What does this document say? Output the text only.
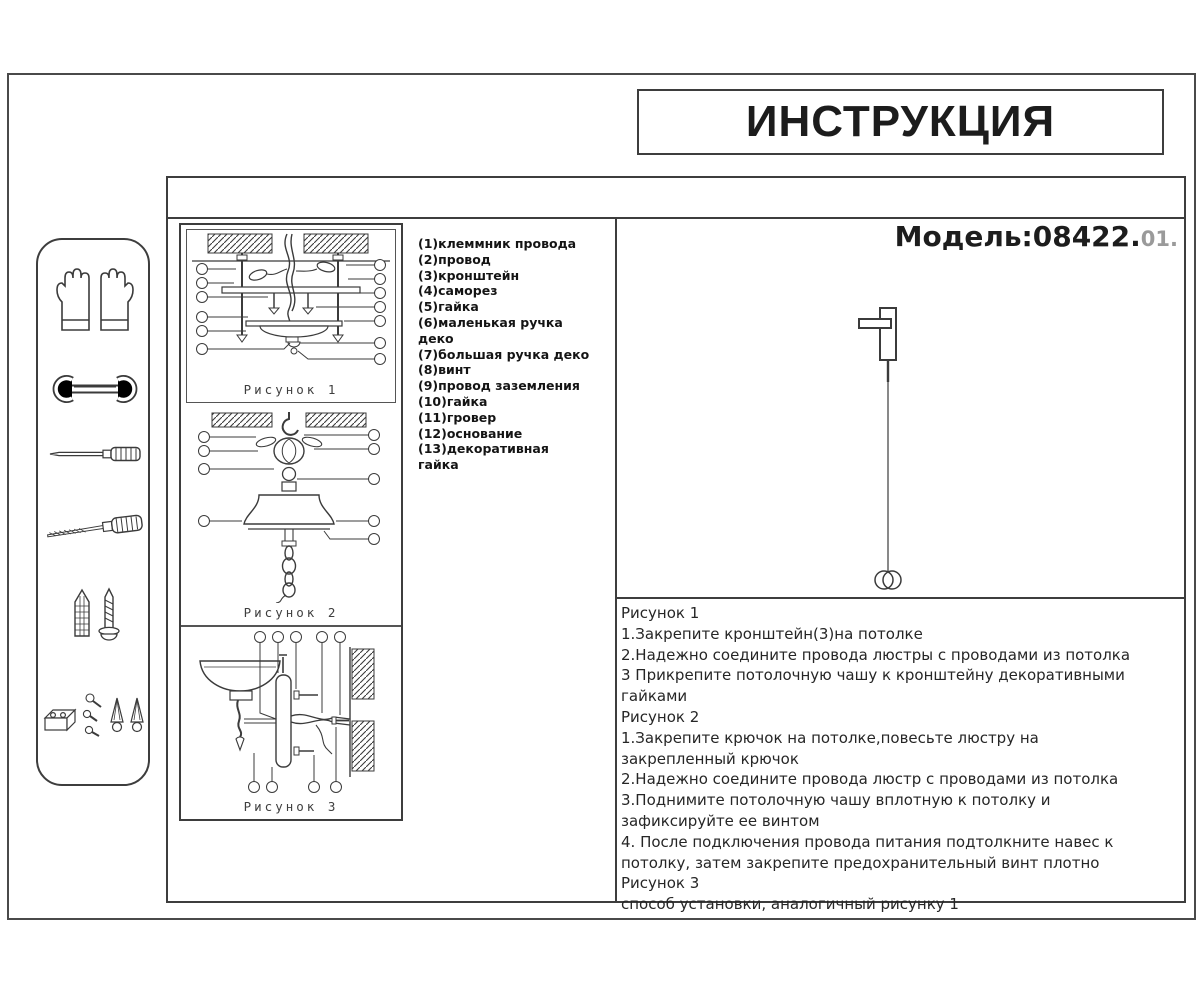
ИНСТРУКЦИЯ
Рисунок 1
Рисунок 2
Рисунок 3
(1)клеммник провода
(2)провод
(3)кронштейн
(4)саморез
(5)гайка
(6)маленькая ручка деко
(7)большая ручка деко
(8)винт
(9)провод заземления
(10)гайка
(11)гровер
(12)основание
(13)декоративная гайка
Модель:08422.01.
Рисунок 1
1.Закрепите кронштейн(3)на потолке
2.Надежно соедините провода люстры с проводами из потолка
3 Прикрепите потолочную чашу к кронштейну декоративными гайками
Рисунок 2
1.Закрепите крючок на потолке,повесьте люстру на закрепленный крючок
2.Надежно соедините провода люстр с проводами из потолка
3.Поднимите потолочную чашу вплотную к потолку и зафиксируйте ее винтом
4. После подключения провода питания подтолкните навес к потолку, затем закрепите предохранительный винт плотно
Рисунок 3
способ установки, аналогичный рисунку 1
